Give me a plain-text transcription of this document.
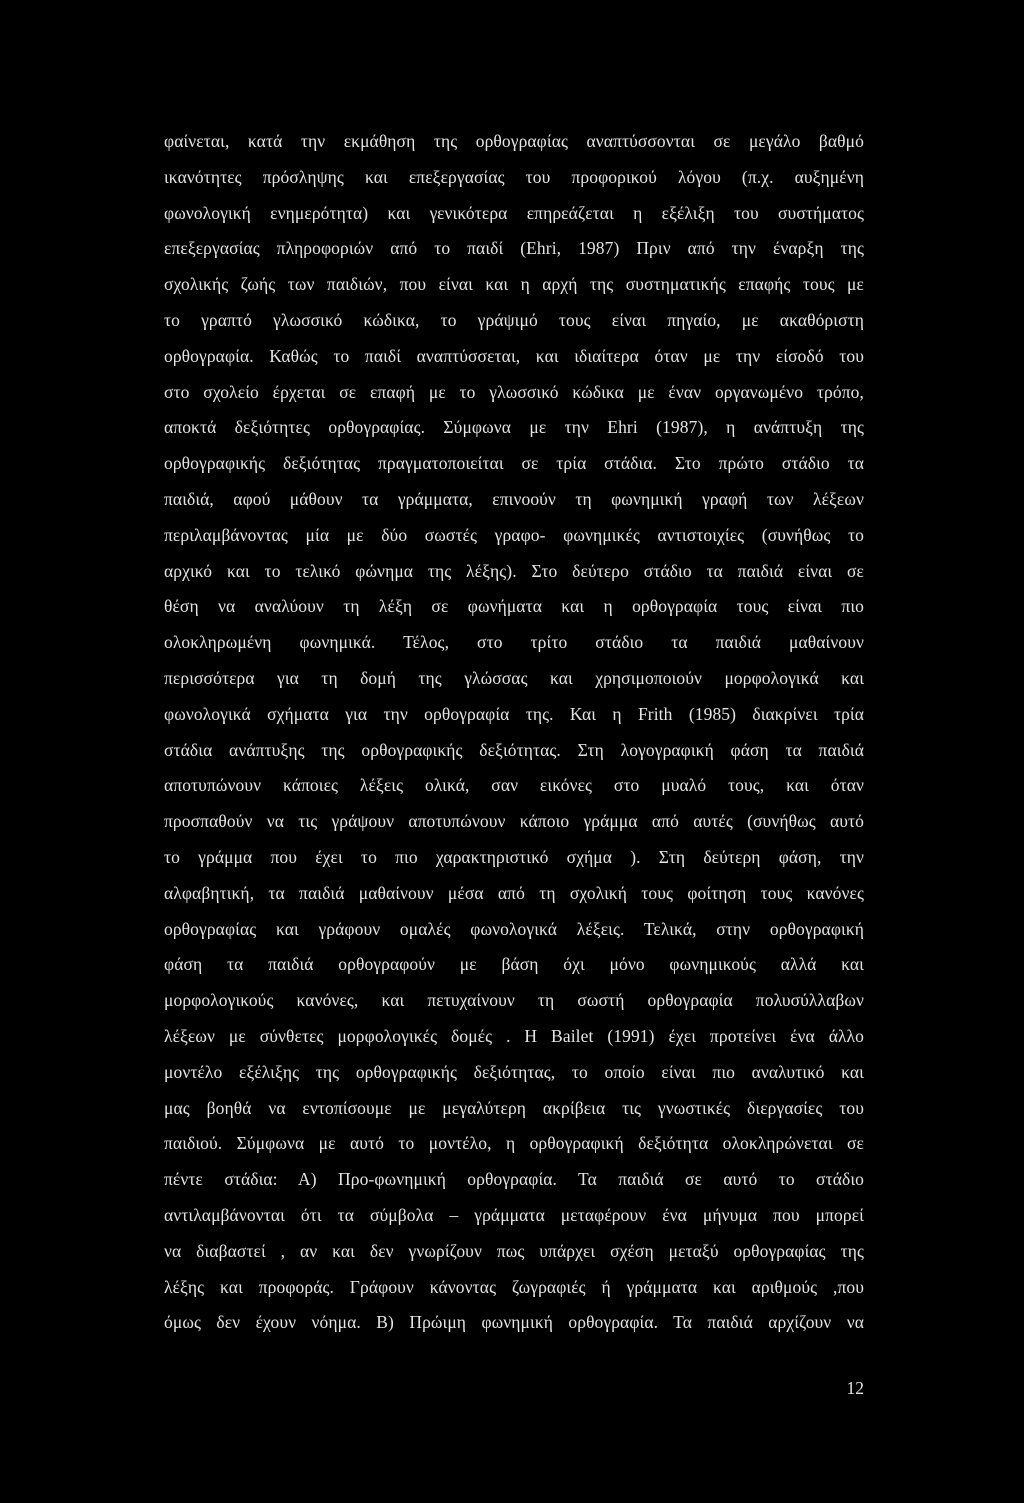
φαίνεται, κατά την εκμάθηση της ορθογραφίας αναπτύσσονται σε μεγάλο βαθμό
ικανότητες πρόσληψης και επεξεργασίας του προφορικού λόγου (π.χ. αυξημένη
φωνολογική ενημερότητα) και γενικότερα επηρεάζεται η εξέλιξη του συστήματος
επεξεργασίας πληροφοριών από το παιδί (Ehri, 1987) Πριν από την έναρξη της
σχολικής ζωής των παιδιών, που είναι και η αρχή της συστηματικής επαφής τους με
το γραπτό γλωσσικό κώδικα, το γράψιμό τους είναι πηγαίο, με ακαθόριστη
ορθογραφία. Καθώς το παιδί αναπτύσσεται, και ιδιαίτερα όταν με την είσοδό του
στο σχολείο έρχεται σε επαφή με το γλωσσικό κώδικα με έναν οργανωμένο τρόπο,
αποκτά δεξιότητες ορθογραφίας. Σύμφωνα με την Ehri (1987), η ανάπτυξη της
ορθογραφικής δεξιότητας πραγματοποιείται σε τρία στάδια. Στο πρώτο στάδιο τα
παιδιά, αφού μάθουν τα γράμματα, επινοούν τη φωνημική γραφή των λέξεων
περιλαμβάνοντας μία με δύο σωστές γραφο- φωνημικές αντιστοιχίες (συνήθως το
αρχικό και το τελικό φώνημα της λέξης). Στο δεύτερο στάδιο τα παιδιά είναι σε
θέση να αναλύουν τη λέξη σε φωνήματα και η ορθογραφία τους είναι πιο
ολοκληρωμένη φωνημικά. Τέλος, στο τρίτο στάδιο τα παιδιά μαθαίνουν
περισσότερα για τη δομή της γλώσσας και χρησιμοποιούν μορφολογικά και
φωνολογικά σχήματα για την ορθογραφία της. Και η Frith (1985) διακρίνει τρία
στάδια ανάπτυξης της ορθογραφικής δεξιότητας. Στη λογογραφική φάση τα παιδιά
αποτυπώνουν κάποιες λέξεις ολικά, σαν εικόνες στο μυαλό τους, και όταν
προσπαθούν να τις γράψουν αποτυπώνουν κάποιο γράμμα από αυτές (συνήθως αυτό
το γράμμα που έχει το πιο χαρακτηριστικό σχήμα ). Στη δεύτερη φάση, την
αλφαβητική, τα παιδιά μαθαίνουν μέσα από τη σχολική τους φοίτηση τους κανόνες
ορθογραφίας και γράφουν ομαλές φωνολογικά λέξεις. Τελικά, στην ορθογραφική
φάση τα παιδιά ορθογραφούν με βάση όχι μόνο φωνημικούς αλλά και
μορφολογικούς κανόνες, και πετυχαίνουν τη σωστή ορθογραφία πολυσύλλαβων
λέξεων με σύνθετες μορφολογικές δομές . Η Bailet (1991) έχει προτείνει ένα άλλο
μοντέλο εξέλιξης της ορθογραφικής δεξιότητας, το οποίο είναι πιο αναλυτικό και
μας βοηθά να εντοπίσουμε με μεγαλύτερη ακρίβεια τις γνωστικές διεργασίες του
παιδιού. Σύμφωνα με αυτό το μοντέλο, η ορθογραφική δεξιότητα ολοκληρώνεται σε
πέντε στάδια: Α) Προ-φωνημική ορθογραφία. Τα παιδιά σε αυτό το στάδιο
αντιλαμβάνονται ότι τα σύμβολα – γράμματα μεταφέρουν ένα μήνυμα που μπορεί
να διαβαστεί , αν και δεν γνωρίζουν πως υπάρχει σχέση μεταξύ ορθογραφίας της
λέξης και προφοράς. Γράφουν κάνοντας ζωγραφιές ή γράμματα και αριθμούς ,που
όμως δεν έχουν νόημα. Β) Πρώιμη φωνημική ορθογραφία. Τα παιδιά αρχίζουν να
12
